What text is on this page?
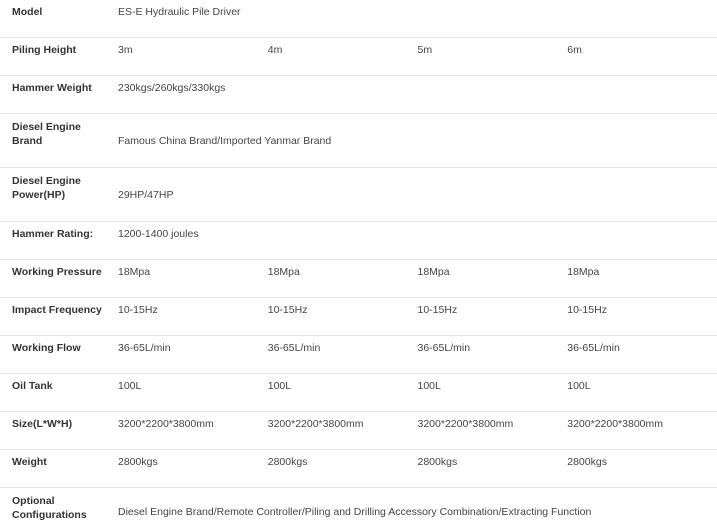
Model	ES-E Hydraulic Pile Driver			
Piling Height	3m	4m	5m	6m
Hammer Weight	230kgs/260kgs/330kgs			

Diesel Engine
Brand	Famous China Brand/Imported Yanmar Brand			

Diesel Engine
Power(HP)	29HP/47HP			
Hammer Rating:	1200-1400 joules			
Working Pressure	18Mpa	18Mpa	18Mpa	18Mpa
Impact Frequency	10-15Hz	10-15Hz	10-15Hz	10-15Hz
Working Flow	36-65L/min	36-65L/min	36-65L/min	36-65L/min
Oil Tank	100L	100L	100L	100L
Size(L*W*H)	3200*2200*3800mm	3200*2200*3800mm	3200*2200*3800mm	3200*2200*3800mm
Weight	2800kgs	2800kgs	2800kgs	2800kgs

Optional
Configurations	Diesel Engine Brand/Remote Controller/Piling and Drilling Accessory Combination/Extracting Function			
